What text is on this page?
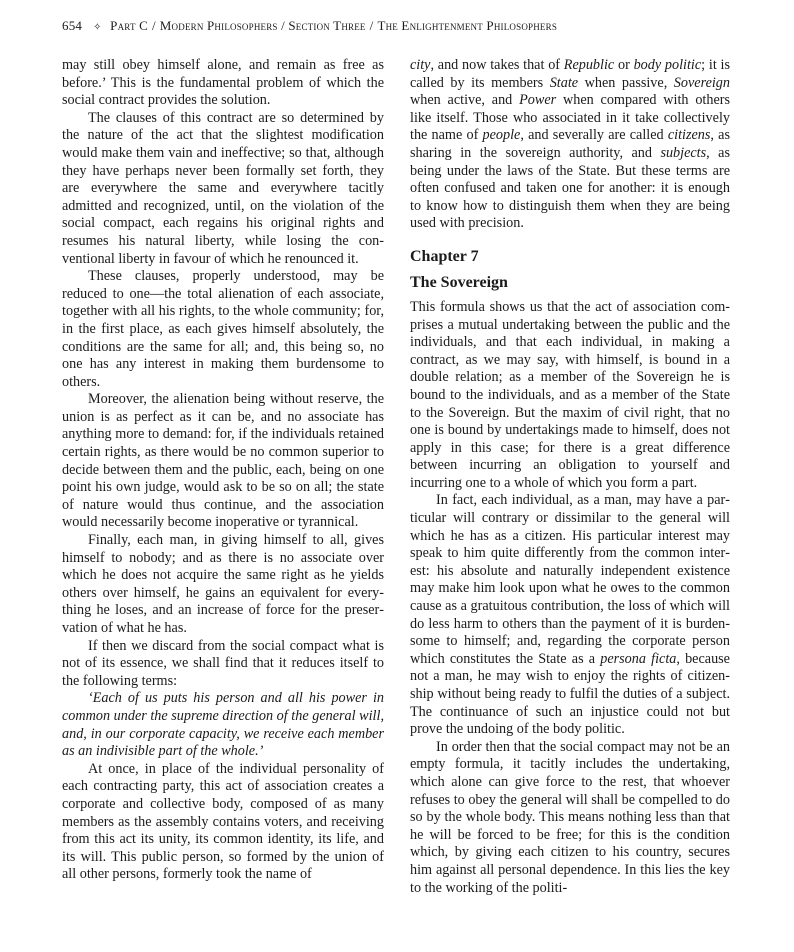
654 ✧ Part C / Modern Philosophers / Section Three / The Enlightenment Philosophers

may still obey himself alone, and remain as free as before.’ This is the fundamental problem of which the social contract provides the solution.

The clauses of this contract are so determined by the nature of the act that the slightest modification would make them vain and ineffective; so that, although they have perhaps never been formally set forth, they are everywhere the same and everywhere tacitly admitted and recognized, until, on the violation of the social compact, each regains his original rights and resumes his natural liberty, while losing the conventional liberty in favour of which he renounced it.

These clauses, properly understood, may be reduced to one—the total alienation of each associate, together with all his rights, to the whole community; for, in the first place, as each gives himself absolutely, the conditions are the same for all; and, this being so, no one has any interest in making them burdensome to others.

Moreover, the alienation being without reserve, the union is as perfect as it can be, and no associate has anything more to demand: for, if the individuals retained certain rights, as there would be no common superior to decide between them and the public, each, being on one point his own judge, would ask to be so on all; the state of nature would thus continue, and the association would necessarily become inoperative or tyrannical.

Finally, each man, in giving himself to all, gives himself to nobody; and as there is no associate over which he does not acquire the same right as he yields others over himself, he gains an equivalent for everything he loses, and an increase of force for the preservation of what he has.

If then we discard from the social compact what is not of its essence, we shall find that it reduces itself to the following terms:

‘Each of us puts his person and all his power in common under the supreme direction of the general will, and, in our corporate capacity, we receive each member as an indivisible part of the whole.’

At once, in place of the individual personality of each contracting party, this act of association creates a corporate and collective body, composed of as many members as the assembly contains voters, and receiving from this act its unity, its common identity, its life, and its will. This public person, so formed by the union of all other persons, formerly took the name of

city, and now takes that of Republic or body politic; it is called by its members State when passive, Sovereign when active, and Power when compared with others like itself. Those who associated in it take collectively the name of people, and severally are called citizens, as sharing in the sovereign authority, and subjects, as being under the laws of the State. But these terms are often confused and taken one for another: it is enough to know how to distinguish them when they are being used with precision.

Chapter 7
The Sovereign

This formula shows us that the act of association comprises a mutual undertaking between the public and the individuals, and that each individual, in making a contract, as we may say, with himself, is bound in a double relation; as a member of the Sovereign he is bound to the individuals, and as a member of the State to the Sovereign. But the maxim of civil right, that no one is bound by undertakings made to himself, does not apply in this case; for there is a great difference between incurring an obligation to yourself and incurring one to a whole of which you form a part.

In fact, each individual, as a man, may have a particular will contrary or dissimilar to the general will which he has as a citizen. His particular interest may speak to him quite differently from the common interest: his absolute and naturally independent existence may make him look upon what he owes to the common cause as a gratuitous contribution, the loss of which will do less harm to others than the payment of it is burdensome to himself; and, regarding the corporate person which constitutes the State as a persona ficta, because not a man, he may wish to enjoy the rights of citizenship without being ready to fulfil the duties of a subject. The continuance of such an injustice could not but prove the undoing of the body politic.

In order then that the social compact may not be an empty formula, it tacitly includes the undertaking, which alone can give force to the rest, that whoever refuses to obey the general will shall be compelled to do so by the whole body. This means nothing less than that he will be forced to be free; for this is the condition which, by giving each citizen to his country, secures him against all personal dependence. In this lies the key to the working of the politi-
